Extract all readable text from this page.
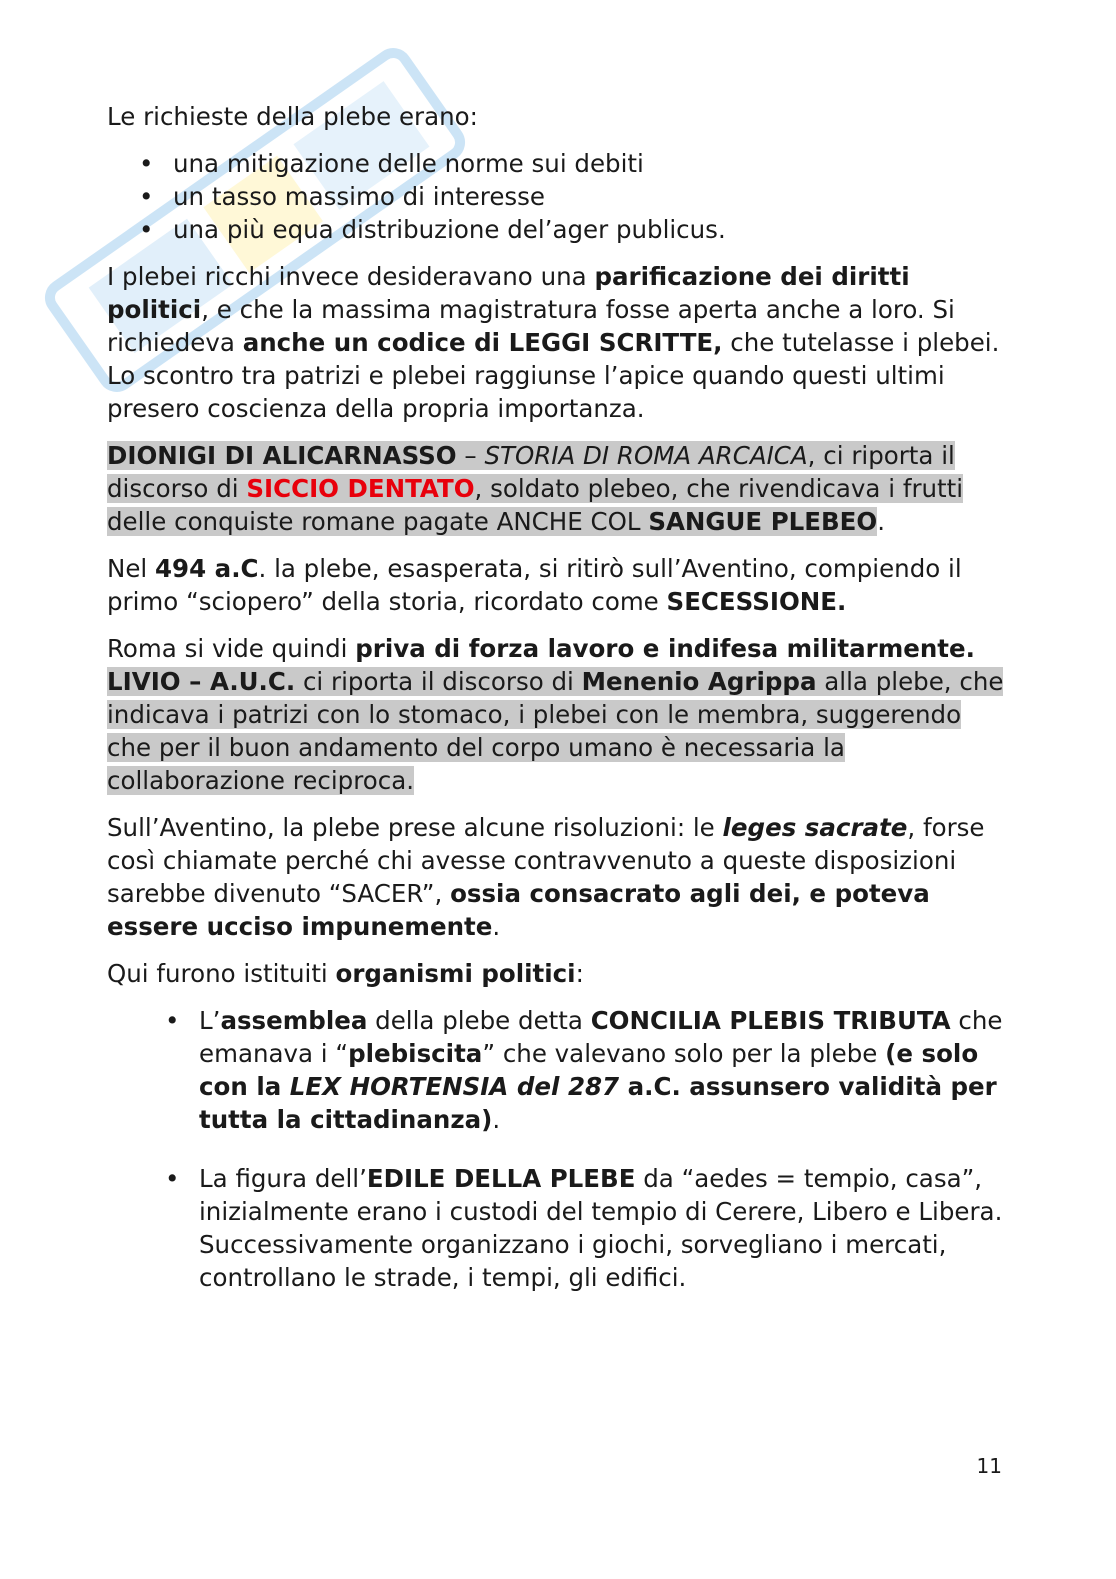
Le richieste della plebe erano:

• una mitigazione delle norme sui debiti
• un tasso massimo di interesse
• una più equa distribuzione del’ager publicus.

I plebei ricchi invece desideravano una parificazione dei diritti politici, e che la massima magistratura fosse aperta anche a loro. Si richiedeva anche un codice di LEGGI SCRITTE, che tutelasse i plebei. Lo scontro tra patrizi e plebei raggiunse l’apice quando questi ultimi presero coscienza della propria importanza.

DIONIGI DI ALICARNASSO – STORIA DI ROMA ARCAICA, ci riporta il discorso di SICCIO DENTATO, soldato plebeo, che rivendicava i frutti delle conquiste romane pagate ANCHE COL SANGUE PLEBEO.

Nel 494 a.C. la plebe, esasperata, si ritirò sull’Aventino, compiendo il primo “sciopero” della storia, ricordato come SECESSIONE.

Roma si vide quindi priva di forza lavoro e indifesa militarmente. LIVIO – A.U.C. ci riporta il discorso di Menenio Agrippa alla plebe, che indicava i patrizi con lo stomaco, i plebei con le membra, suggerendo che per il buon andamento del corpo umano è necessaria la collaborazione reciproca.

Sull’Aventino, la plebe prese alcune risoluzioni: le leges sacrate, forse così chiamate perché chi avesse contravvenuto a queste disposizioni sarebbe divenuto “SACER”, ossia consacrato agli dei, e poteva essere ucciso impunemente.

Qui furono istituiti organismi politici:

• L’assemblea della plebe detta CONCILIA PLEBIS TRIBUTA che emanava i “plebiscita” che valevano solo per la plebe (e solo con la LEX HORTENSIA del 287 a.C. assunsero validità per tutta la cittadinanza).
• La figura dell’EDILE DELLA PLEBE da “aedes = tempio, casa”, inizialmente erano i custodi del tempio di Cerere, Libero e Libera. Successivamente organizzano i giochi, sorvegliano i mercati, controllano le strade, i tempi, gli edifici.
11
